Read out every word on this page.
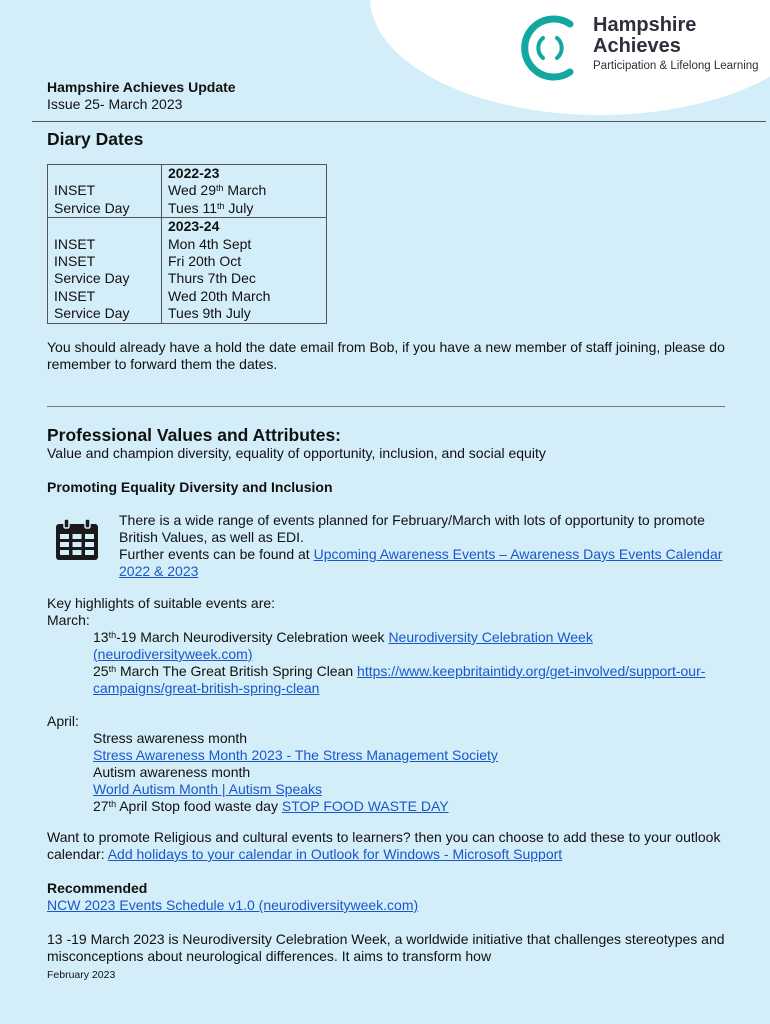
Hampshire
Achieves
Participation & Lifelong Learning
Hampshire Achieves Update
Issue 25- March 2023
Diary Dates
	2022-23
INSET	Wed 29th March
Service Day	Tues 11th July
	2023-24
INSET	Mon 4th Sept
INSET	Fri 20th Oct
Service Day	Thurs 7th Dec
INSET	Wed 20th March
Service Day	Tues 9th July
You should already have a hold the date email from Bob, if you have a new member of staff joining, please do remember to forward them the dates.
Professional Values and Attributes:
Value and champion diversity, equality of opportunity, inclusion, and social equity
Promoting Equality Diversity and Inclusion
There is a wide range of events planned for February/March with lots of opportunity to promote British Values, as well as EDI.
Further events can be found at Upcoming Awareness Events – Awareness Days Events Calendar 2022 & 2023
Key highlights of suitable events are:
March:
13th-19 March Neurodiversity Celebration week Neurodiversity Celebration Week (neurodiversityweek.com)
25th March The Great British Spring Clean https://www.keepbritaintidy.org/get-involved/support-our-campaigns/great-british-spring-clean
April:
Stress awareness month
Stress Awareness Month 2023 - The Stress Management Society
Autism awareness month
World Autism Month | Autism Speaks
27th April Stop food waste day STOP FOOD WASTE DAY
Want to promote Religious and cultural events to learners? then you can choose to add these to your outlook calendar: Add holidays to your calendar in Outlook for Windows - Microsoft Support
Recommended
NCW 2023 Events Schedule v1.0 (neurodiversityweek.com)
13 -19 March 2023 is Neurodiversity Celebration Week, a worldwide initiative that challenges stereotypes and misconceptions about neurological differences. It aims to transform how
February 2023
